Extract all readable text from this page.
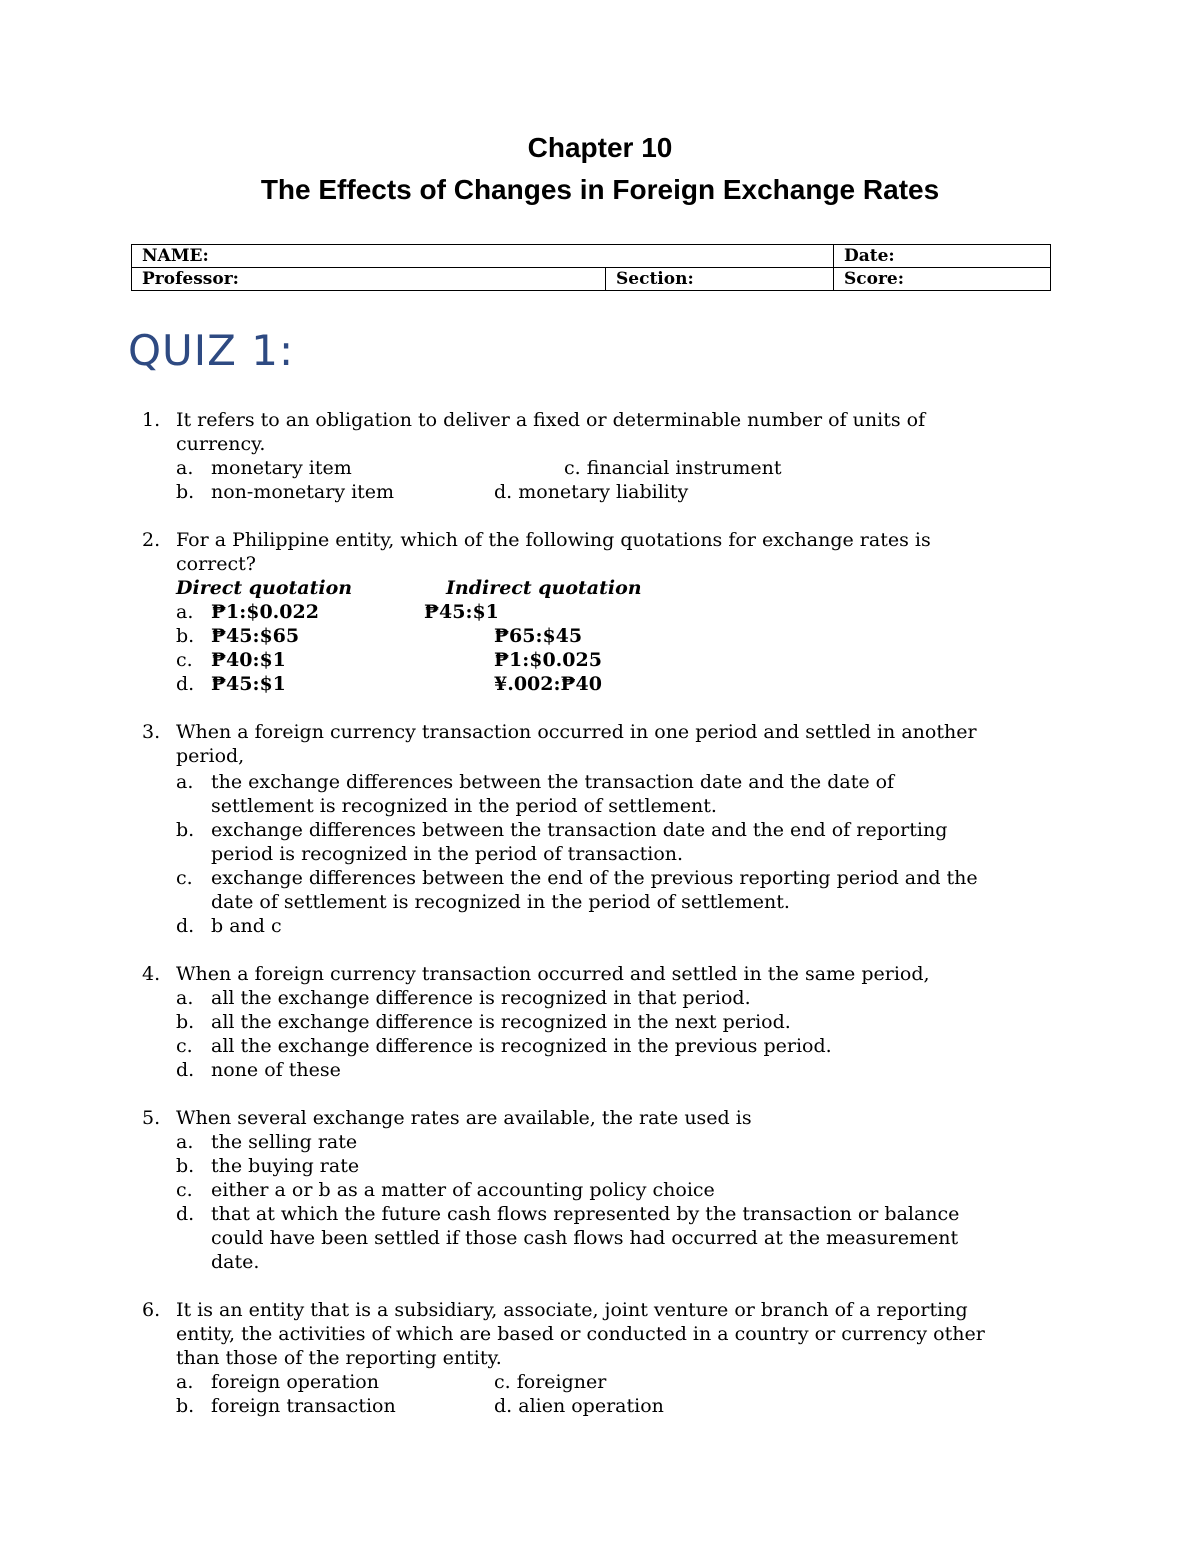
Chapter 10
The Effects of Changes in Foreign Exchange Rates
NAME:		Date:
Professor:	Section:	Score:
QUIZ 1:
1. It refers to an obligation to deliver a fixed or determinable number of units of
currency.
a. monetary item	c. financial instrument
b. non-monetary item	d. monetary liability
2. For a Philippine entity, which of the following quotations for exchange rates is
correct?
Direct quotation	Indirect quotation
a. ₱1:$0.022	₱45:$1
b. ₱45:$65	₱65:$45
c. ₱40:$1	₱1:$0.025
d. ₱45:$1	¥.002:₱40
3. When a foreign currency transaction occurred in one period and settled in another
period,
a. the exchange differences between the transaction date and the date of
settlement is recognized in the period of settlement.
b. exchange differences between the transaction date and the end of reporting
period is recognized in the period of transaction.
c. exchange differences between the end of the previous reporting period and the
date of settlement is recognized in the period of settlement.
d. b and c
4. When a foreign currency transaction occurred and settled in the same period,
a. all the exchange difference is recognized in that period.
b. all the exchange difference is recognized in the next period.
c. all the exchange difference is recognized in the previous period.
d. none of these
5. When several exchange rates are available, the rate used is
a. the selling rate
b. the buying rate
c. either a or b as a matter of accounting policy choice
d. that at which the future cash flows represented by the transaction or balance
could have been settled if those cash flows had occurred at the measurement
date.
6. It is an entity that is a subsidiary, associate, joint venture or branch of a reporting
entity, the activities of which are based or conducted in a country or currency other
than those of the reporting entity.
a. foreign operation	c. foreigner
b. foreign transaction	d. alien operation
